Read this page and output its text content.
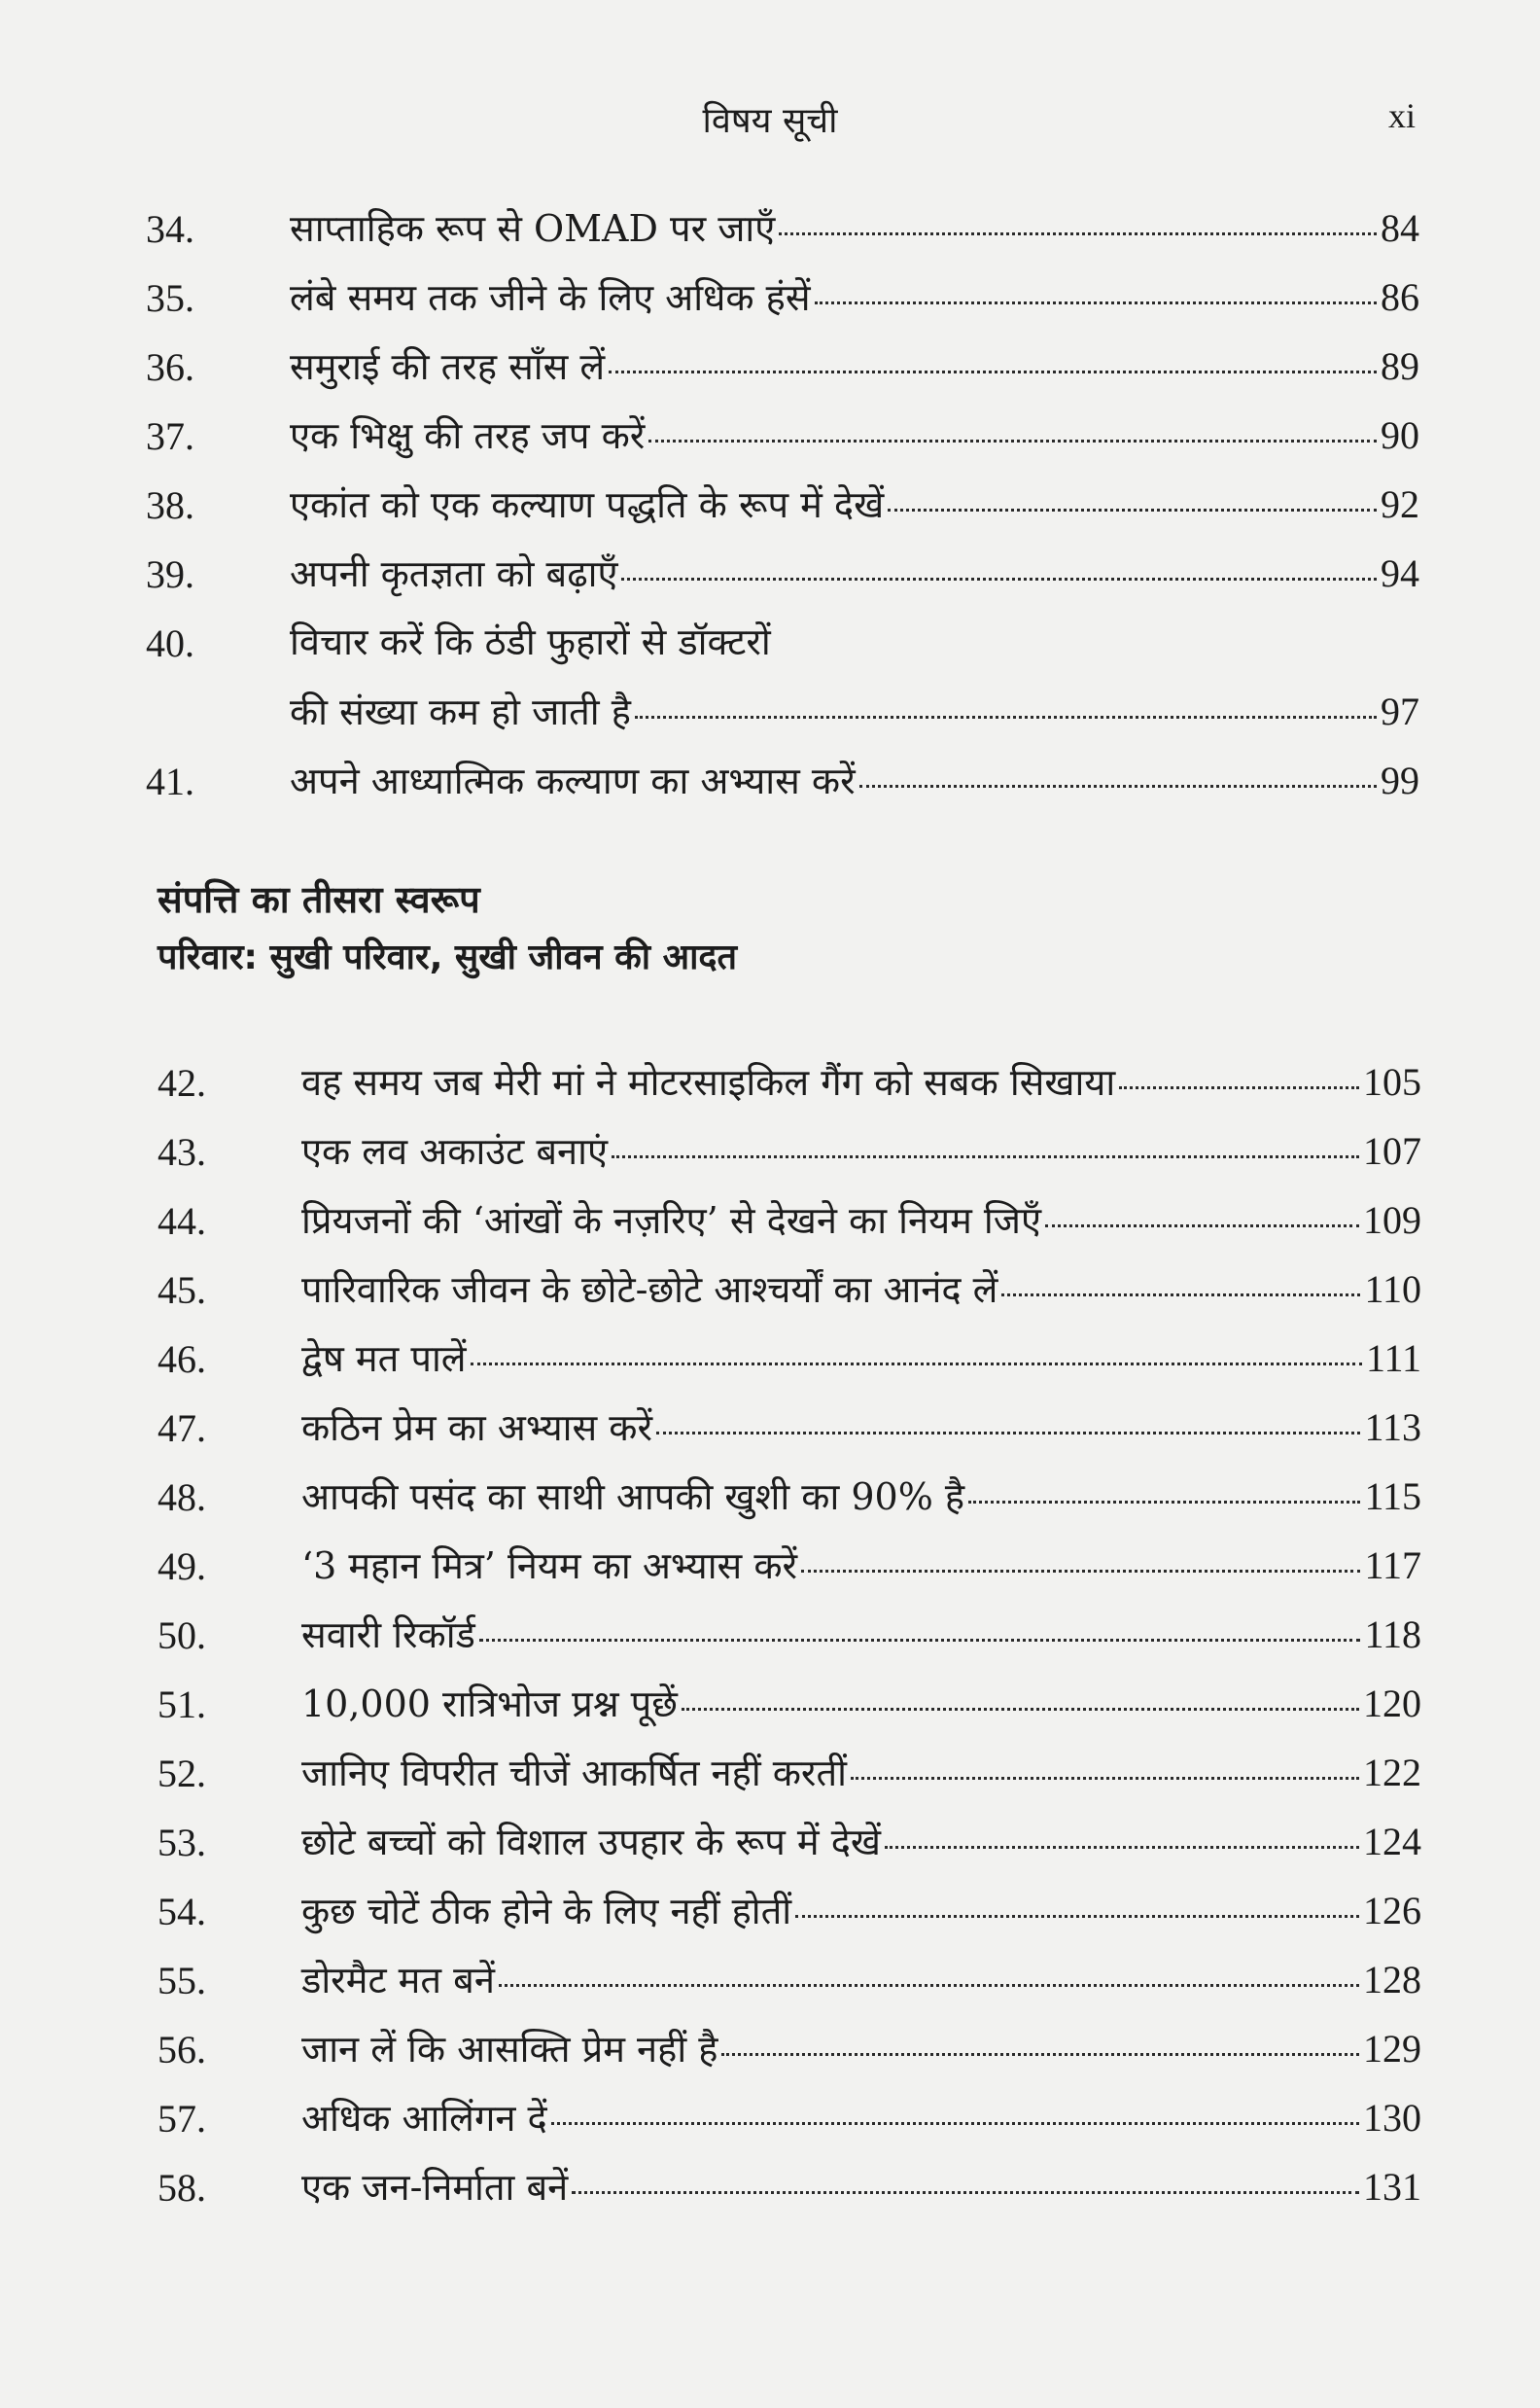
विषय सूची	xi
34.	साप्ताहिक रूप से OMAD पर जाएँ	84
35.	लंबे समय तक जीने के लिए अधिक हंसें	86
36.	समुराई की तरह साँस लें	89
37.	एक भिक्षु की तरह जप करें	90
38.	एकांत को एक कल्याण पद्धति के रूप में देखें	92
39.	अपनी कृतज्ञता को बढ़ाएँ	94
40.	विचार करें कि ठंडी फुहारों से डॉक्टरों
की संख्या कम हो जाती है	97
41.	अपने आध्यात्मिक कल्याण का अभ्यास करें	99
संपत्ति का तीसरा स्वरूप
परिवार: सुखी परिवार, सुखी जीवन की आदत
42.	वह समय जब मेरी मां ने मोटरसाइकिल गैंग को सबक सिखाया	105
43.	एक लव अकाउंट बनाएं	107
44.	प्रियजनों की ‘आंखों के नज़रिए’ से देखने का नियम जिएँ	109
45.	पारिवारिक जीवन के छोटे-छोटे आश्चर्यों का आनंद लें	110
46.	द्वेष मत पालें	111
47.	कठिन प्रेम का अभ्यास करें	113
48.	आपकी पसंद का साथी आपकी खुशी का 90% है	115
49.	‘3 महान मित्र’ नियम का अभ्यास करें	117
50.	सवारी रिकॉर्ड	118
51.	10,000 रात्रिभोज प्रश्न पूछें	120
52.	जानिए विपरीत चीजें आकर्षित नहीं करतीं	122
53.	छोटे बच्चों को विशाल उपहार के रूप में देखें	124
54.	कुछ चोटें ठीक होने के लिए नहीं होतीं	126
55.	डोरमैट मत बनें	128
56.	जान लें कि आसक्ति प्रेम नहीं है	129
57.	अधिक आलिंगन दें	130
58.	एक जन-निर्माता बनें	131
